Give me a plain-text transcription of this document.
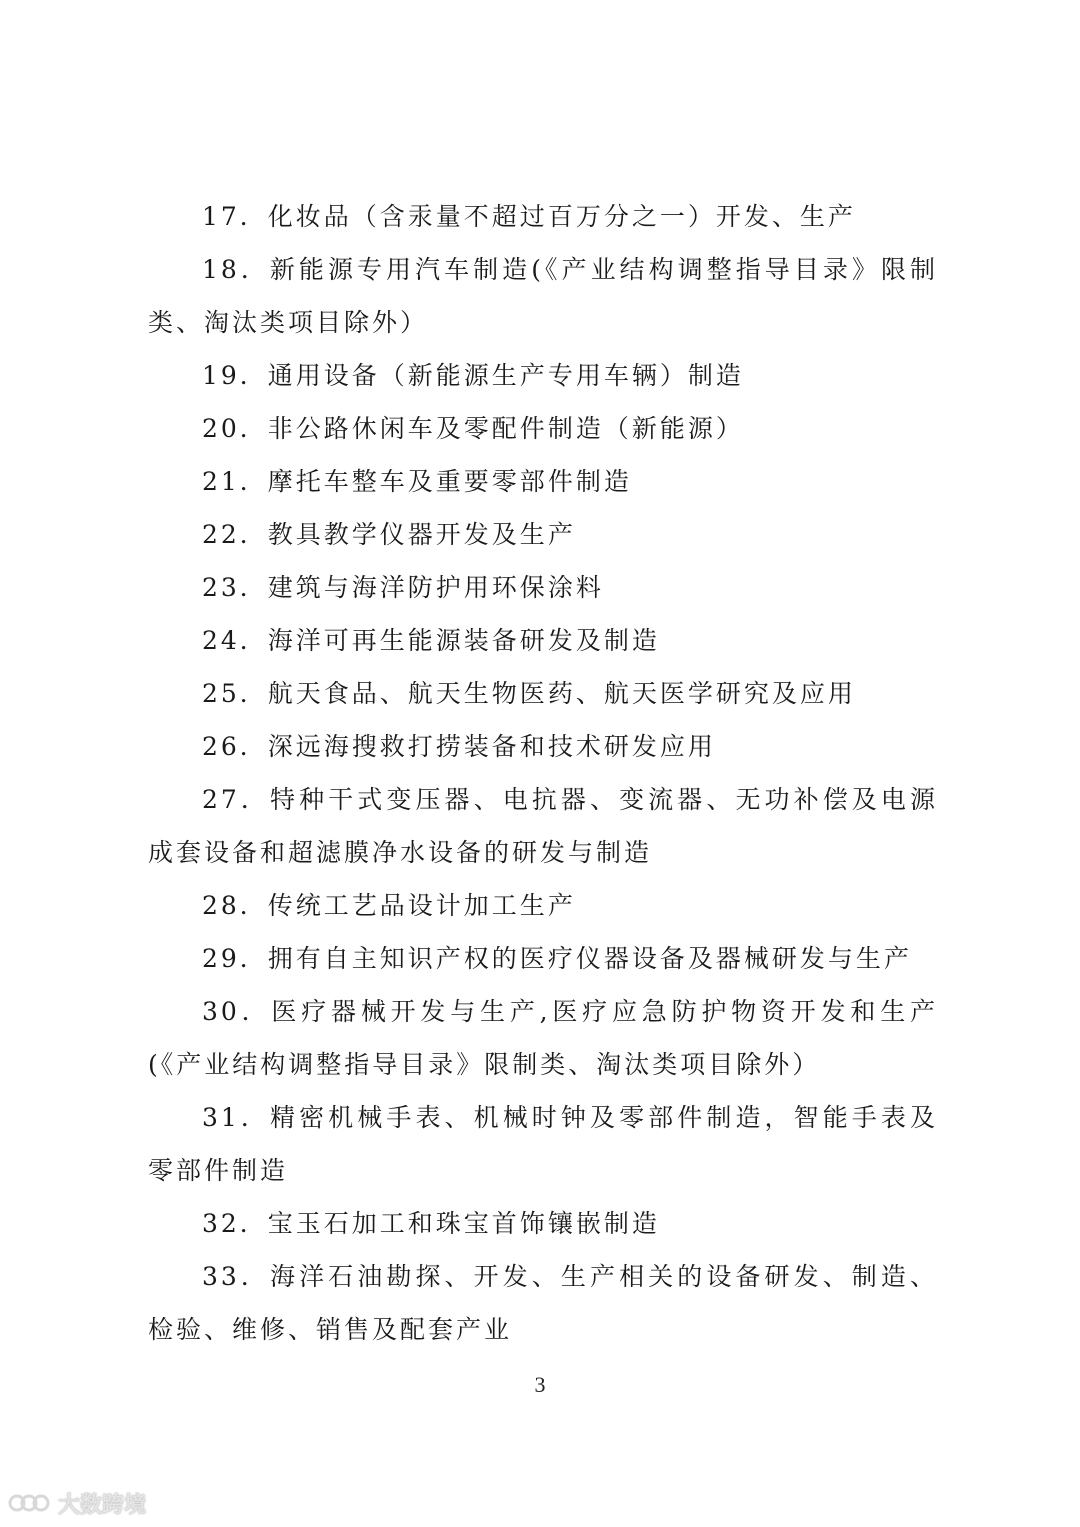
17．化妆品（含汞量不超过百万分之一）开发、生产

18．新能源专用汽车制造(《产业结构调整指导目录》限制类、淘汰类项目除外）

19．通用设备（新能源生产专用车辆）制造

20．非公路休闲车及零配件制造（新能源）

21．摩托车整车及重要零部件制造

22．教具教学仪器开发及生产

23．建筑与海洋防护用环保涂料

24．海洋可再生能源装备研发及制造

25．航天食品、航天生物医药、航天医学研究及应用

26．深远海搜救打捞装备和技术研发应用

27．特种干式变压器、电抗器、变流器、无功补偿及电源成套设备和超滤膜净水设备的研发与制造

28．传统工艺品设计加工生产

29．拥有自主知识产权的医疗仪器设备及器械研发与生产

30．医疗器械开发与生产,医疗应急防护物资开发和生产(《产业结构调整指导目录》限制类、淘汰类项目除外）

31．精密机械手表、机械时钟及零部件制造，智能手表及零部件制造

32．宝玉石加工和珠宝首饰镶嵌制造

33．海洋石油勘探、开发、生产相关的设备研发、制造、检验、维修、销售及配套产业

3
大数跨境
